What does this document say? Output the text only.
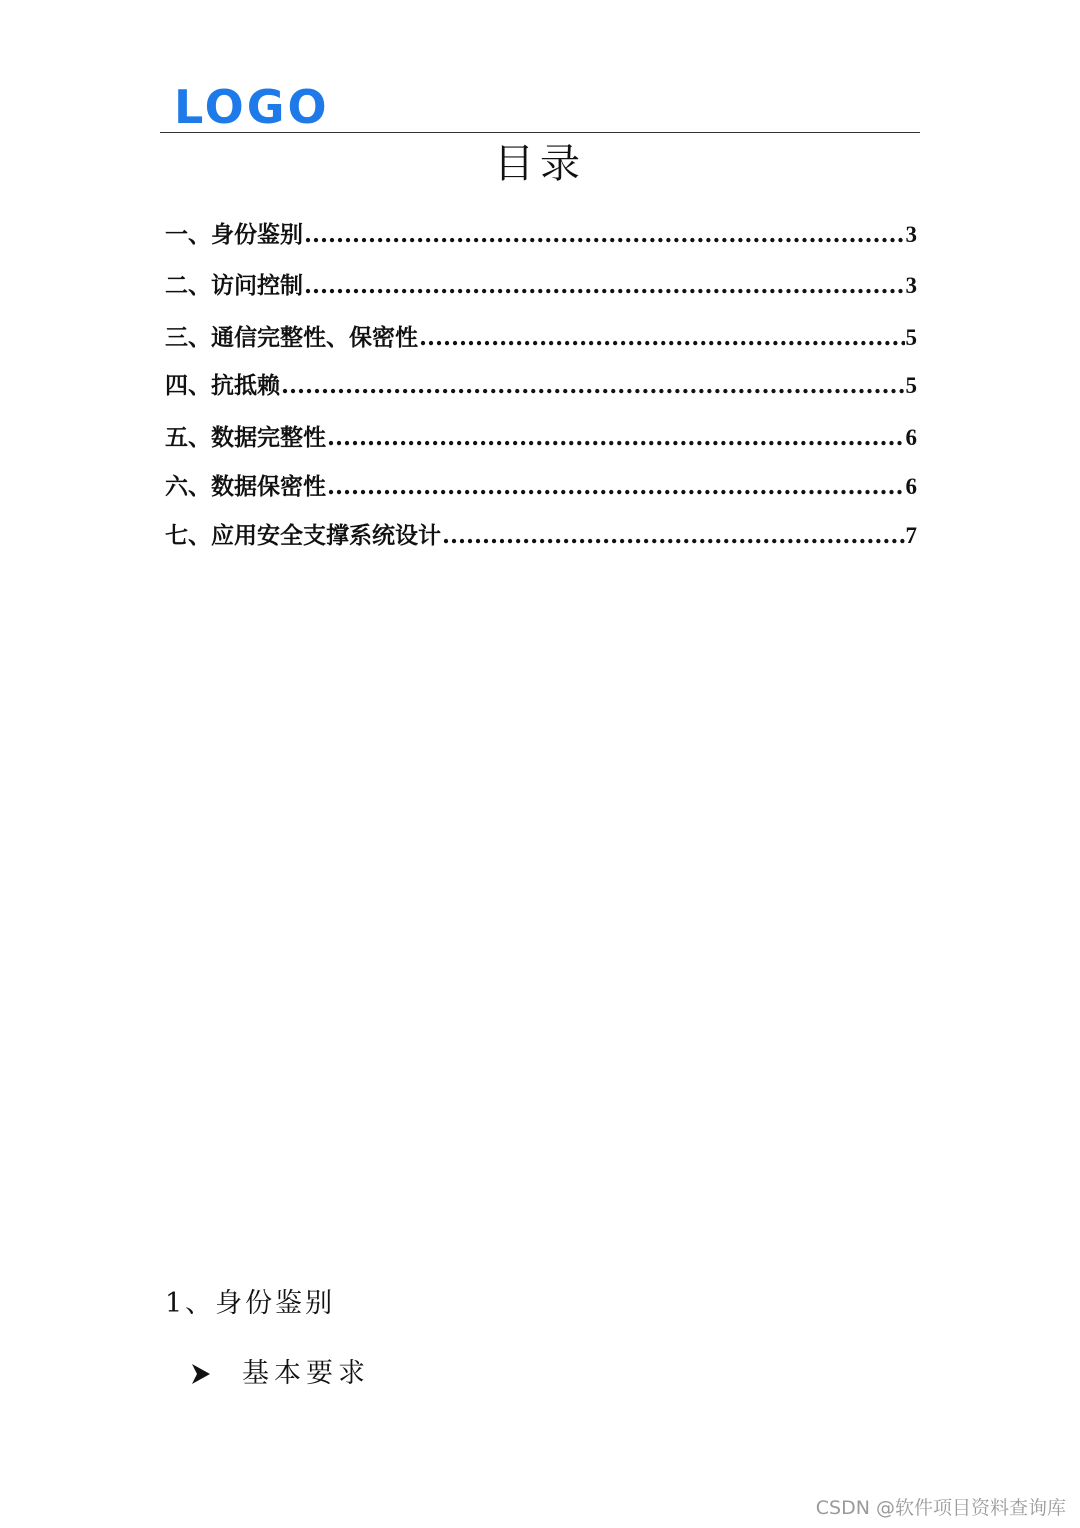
LOGO
目录
一、身份鉴别 .....	3
二、访问控制 .....	3
三、通信完整性、保密性 .....	5
四、抗抵赖 .....	5
五、数据完整性 .....	6
六、数据保密性 .....	6
七、应用安全支撑系统设计 .....	7
1、身份鉴别
基本要求
CSDN @软件项目资料查询库
